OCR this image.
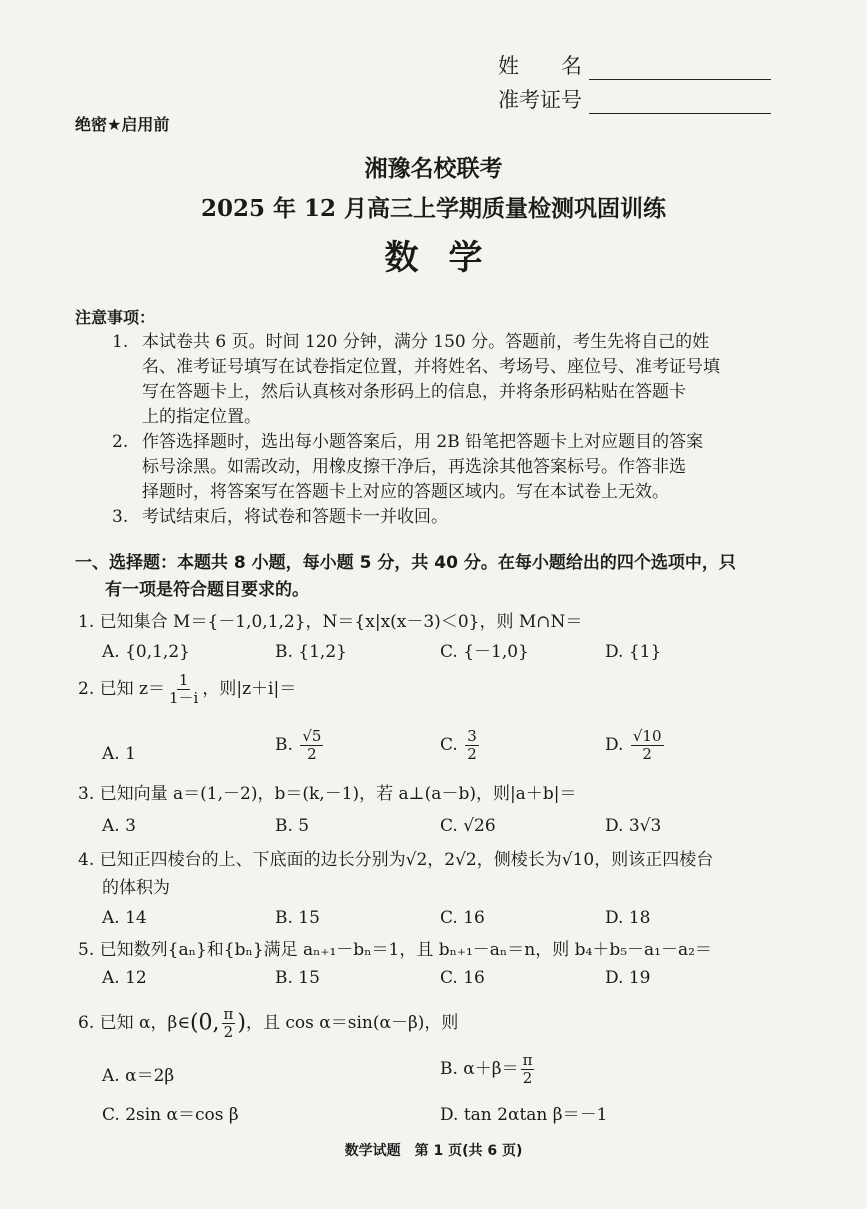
姓　　名
准考证号
绝密★启用前
湘豫名校联考
2025 年 12 月高三上学期质量检测巩固训练
数学
注意事项：
1. 本试卷共 6 页。时间 120 分钟，满分 150 分。答题前，考生先将自己的姓
名、准考证号填写在试卷指定位置，并将姓名、考场号、座位号、准考证号填
写在答题卡上，然后认真核对条形码上的信息，并将条形码粘贴在答题卡
上的指定位置。
2. 作答选择题时，选出每小题答案后，用 2B 铅笔把答题卡上对应题目的答案
标号涂黑。如需改动，用橡皮擦干净后，再选涂其他答案标号。作答非选
择题时，将答案写在答题卡上对应的答题区域内。写在本试卷上无效。
3. 考试结束后，将试卷和答题卡一并收回。
一、选择题：本题共 8 小题，每小题 5 分，共 40 分。在每小题给出的四个选项中，只
有一项是符合题目要求的。
1. 已知集合 M＝{－1,0,1,2}，N＝{x|x(x－3)＜0}，则 M∩N＝
A. {0,1,2}	B. {1,2}	C. {－1,0}	D. {1}
2. 已知 $z= \frac{1}{1-i}$ ，则|z＋i|＝
A. 1	B. $\frac{√5}{2}$	C. $\frac{3}{2}$	D. $\frac{√10}{2}$
3. 已知向量 a＝(1,－2)，b＝(k,－1)，若 a⊥(a－b)，则|a＋b|＝
A. 3	B. 5	C. √26	D. 3√3
4. 已知正四棱台的上、下底面的边长分别为√2，2√2，侧棱长为√10，则该正四棱台
的体积为
A. 14	B. 15	C. 16	D. 18
5. 已知数列{aₙ}和{bₙ}满足 aₙ₊₁－bₙ＝1，且 bₙ₊₁－aₙ＝n，则 b₄＋b₅－a₁－a₂＝
A. 12	B. 15	C. 16	D. 19
6. 已知 α，β∈(0, $\frac{\pi}{2}$ )，且 cos α＝sin(α－β)，则
A. α＝2β	B. $\alpha+\beta= \frac{\pi}{2}$
C. 2sin α＝cos β	D. tan 2αtan β＝－1
数学试题　第 1 页(共 6 页)
